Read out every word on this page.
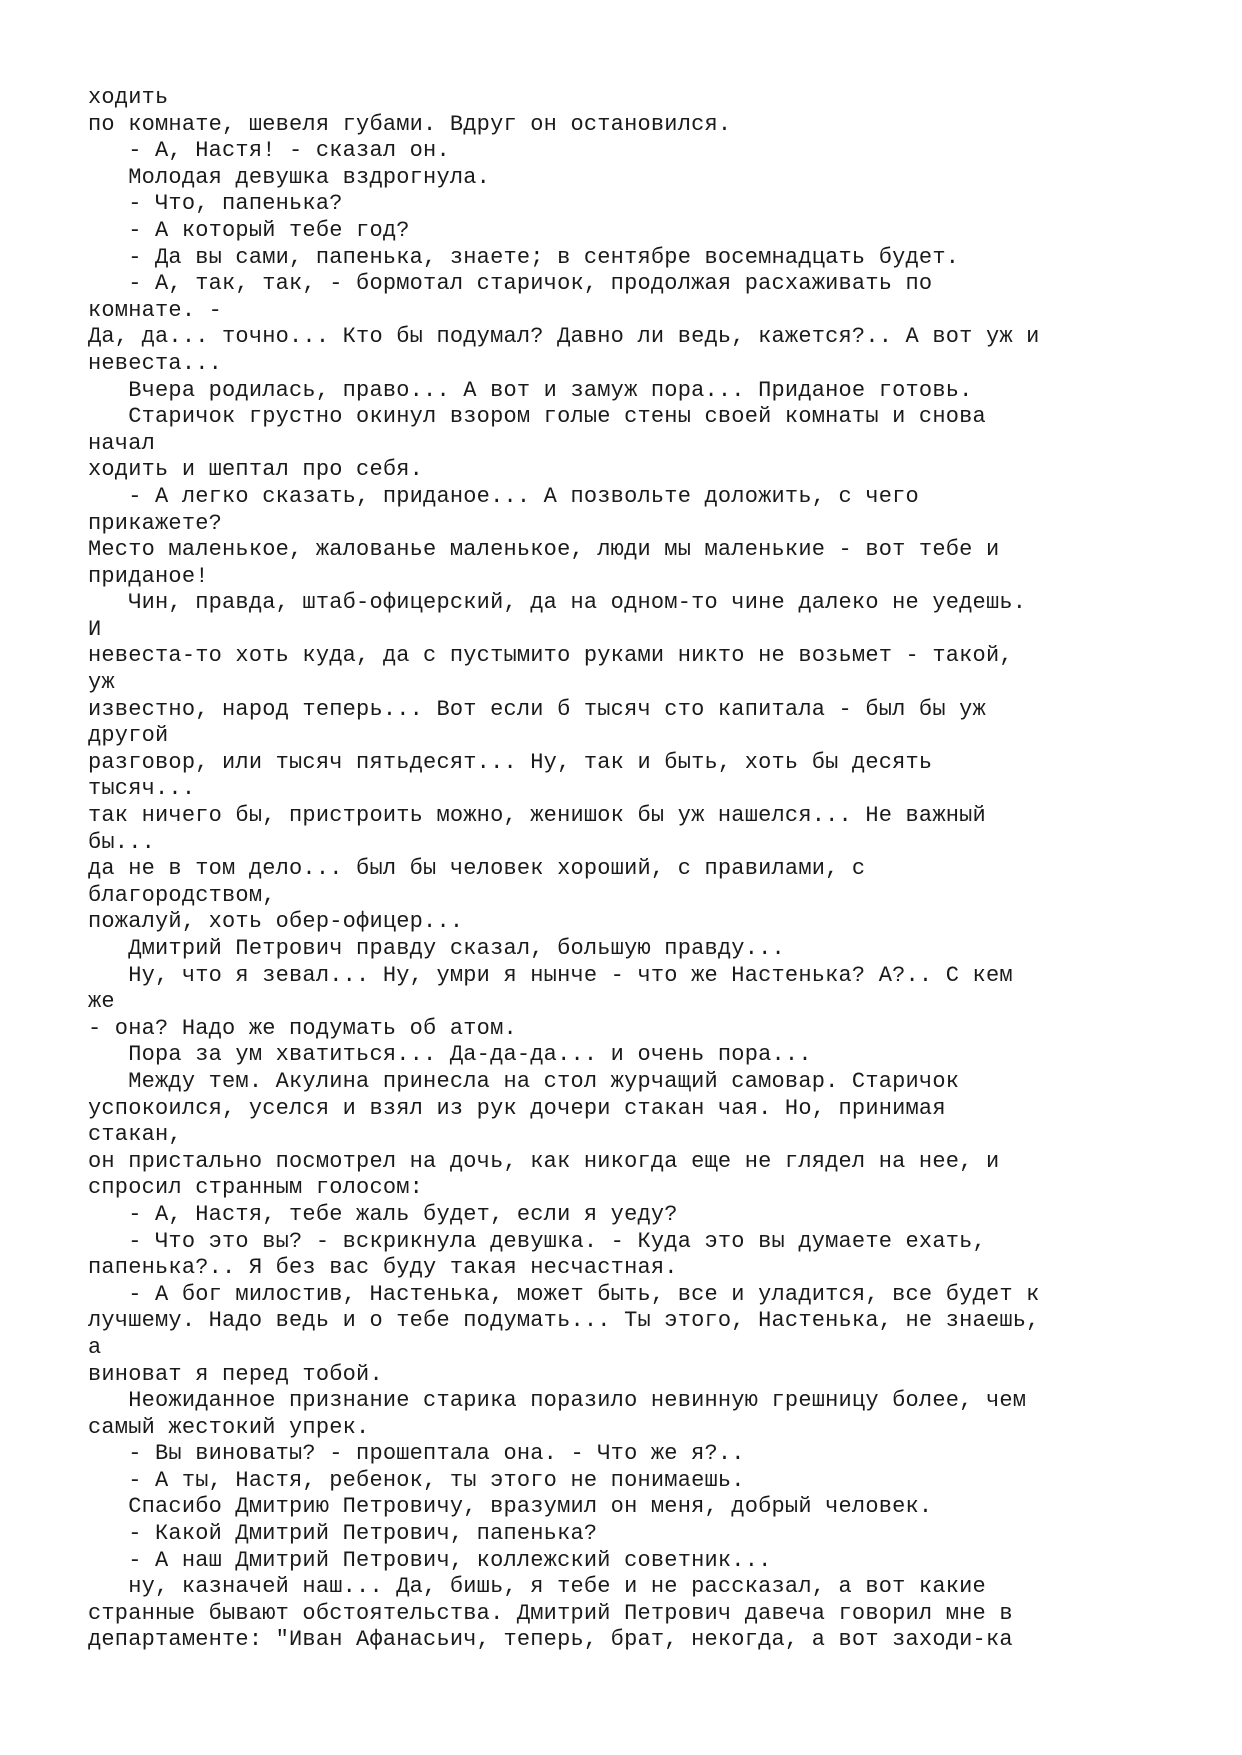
ходить
по комнате, шевеля губами. Вдруг он остановился.
- А, Настя! - сказал он.
Молодая девушка вздрогнула.
- Что, папенька?
- А который тебе год?
- Да вы сами, папенька, знаете; в сентябре восемнадцать будет.
- А, так, так, - бормотал старичок, продолжая расхаживать по
комнате. -
Да, да... точно... Кто бы подумал? Давно ли ведь, кажется?.. А вот уж и
невеста...
Вчера родилась, право... А вот и замуж пора... Приданое готовь.
Старичок грустно окинул взором голые стены своей комнаты и снова
начал
ходить и шептал про себя.
- А легко сказать, приданое... А позвольте доложить, с чего
прикажете?
Место маленькое, жалованье маленькое, люди мы маленькие - вот тебе и
приданое!
Чин, правда, штаб-офицерский, да на одном-то чине далеко не уедешь.
И
невеста-то хоть куда, да с пустымито руками никто не возьмет - такой,
уж
известно, народ теперь... Вот если б тысяч сто капитала - был бы уж
другой
разговор, или тысяч пятьдесят... Ну, так и быть, хоть бы десять
тысяч...
так ничего бы, пристроить можно, женишок бы уж нашелся... Не важный
бы...
да не в том дело... был бы человек хороший, с правилами, с
благородством,
пожалуй, хоть обер-офицер...
Дмитрий Петрович правду сказал, большую правду...
Ну, что я зевал... Ну, умри я нынче - что же Настенька? А?.. С кем
же
- она? Надо же подумать об атом.
Пора за ум хватиться... Да-да-да... и очень пора...
Между тем. Акулина принесла на стол журчащий самовар. Старичок
успокоился, уселся и взял из рук дочери стакан чая. Но, принимая
стакан,
он пристально посмотрел на дочь, как никогда еще не глядел на нее, и
спросил странным голосом:
- А, Настя, тебе жаль будет, если я уеду?
- Что это вы? - вскрикнула девушка. - Куда это вы думаете ехать,
папенька?.. Я без вас буду такая несчастная.
- А бог милостив, Настенька, может быть, все и уладится, все будет к
лучшему. Надо ведь и о тебе подумать... Ты этого, Настенька, не знаешь,
а
виноват я перед тобой.
Неожиданное признание старика поразило невинную грешницу более, чем
самый жестокий упрек.
- Вы виноваты? - прошептала она. - Что же я?..
- А ты, Настя, ребенок, ты этого не понимаешь.
Спасибо Дмитрию Петровичу, вразумил он меня, добрый человек.
- Какой Дмитрий Петрович, папенька?
- А наш Дмитрий Петрович, коллежский советник...
ну, казначей наш... Да, бишь, я тебе и не рассказал, а вот какие
странные бывают обстоятельства. Дмитрий Петрович давеча говорил мне в
департаменте: "Иван Афанасьич, теперь, брат, некогда, а вот заходи-ка
